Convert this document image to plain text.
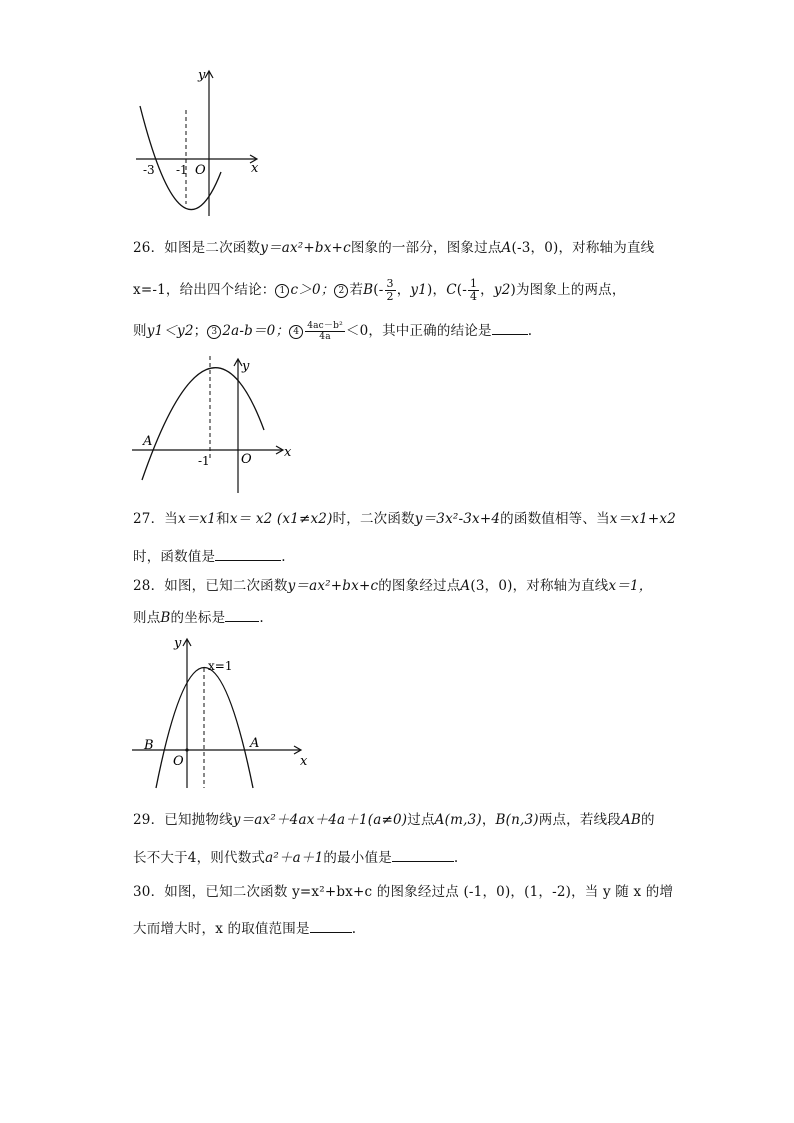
y
x
O
-3 -1
26．如图是二次函数y＝ax²+bx+c图象的一部分，图象过点A(-3，0)，对称轴为直线
x=-1，给出四个结论： 1 c＞0； 2 若$B(- \frac{3}{2}$ ，y1)，$C(- \frac{1}{4}$ ，y2)为图象上的两点，
则y1＜y2； 3 2a-b＝0； $4 \frac{\text{4ac－b²}}{4a} <0$，其中正确的结论是	.
y
x
O
A
-1
27．当x＝x1和x＝ x2 (x1≠x2)时，二次函数y＝3x²-3x+4的函数值相等、当x＝x1+x2
时，函数值是	.
28．如图，已知二次函数y＝ax²+bx+c的图象经过点A(3，0)，对称轴为直线x＝1，
则点B的坐标是	.
y
x=1
x
O
B	A
29．已知抛物线y＝ax²＋4ax＋4a＋1(a≠0)过点A(m,3)，B(n,3)两点，若线段AB的
长不大于4，则代数式a²＋a＋1的最小值是	.
30．如图，已知二次函数 y=x²+bx+c 的图象经过点 (-1，0)，(1，-2)，当 y 随 x 的增
大而增大时，x 的取值范围是	.
